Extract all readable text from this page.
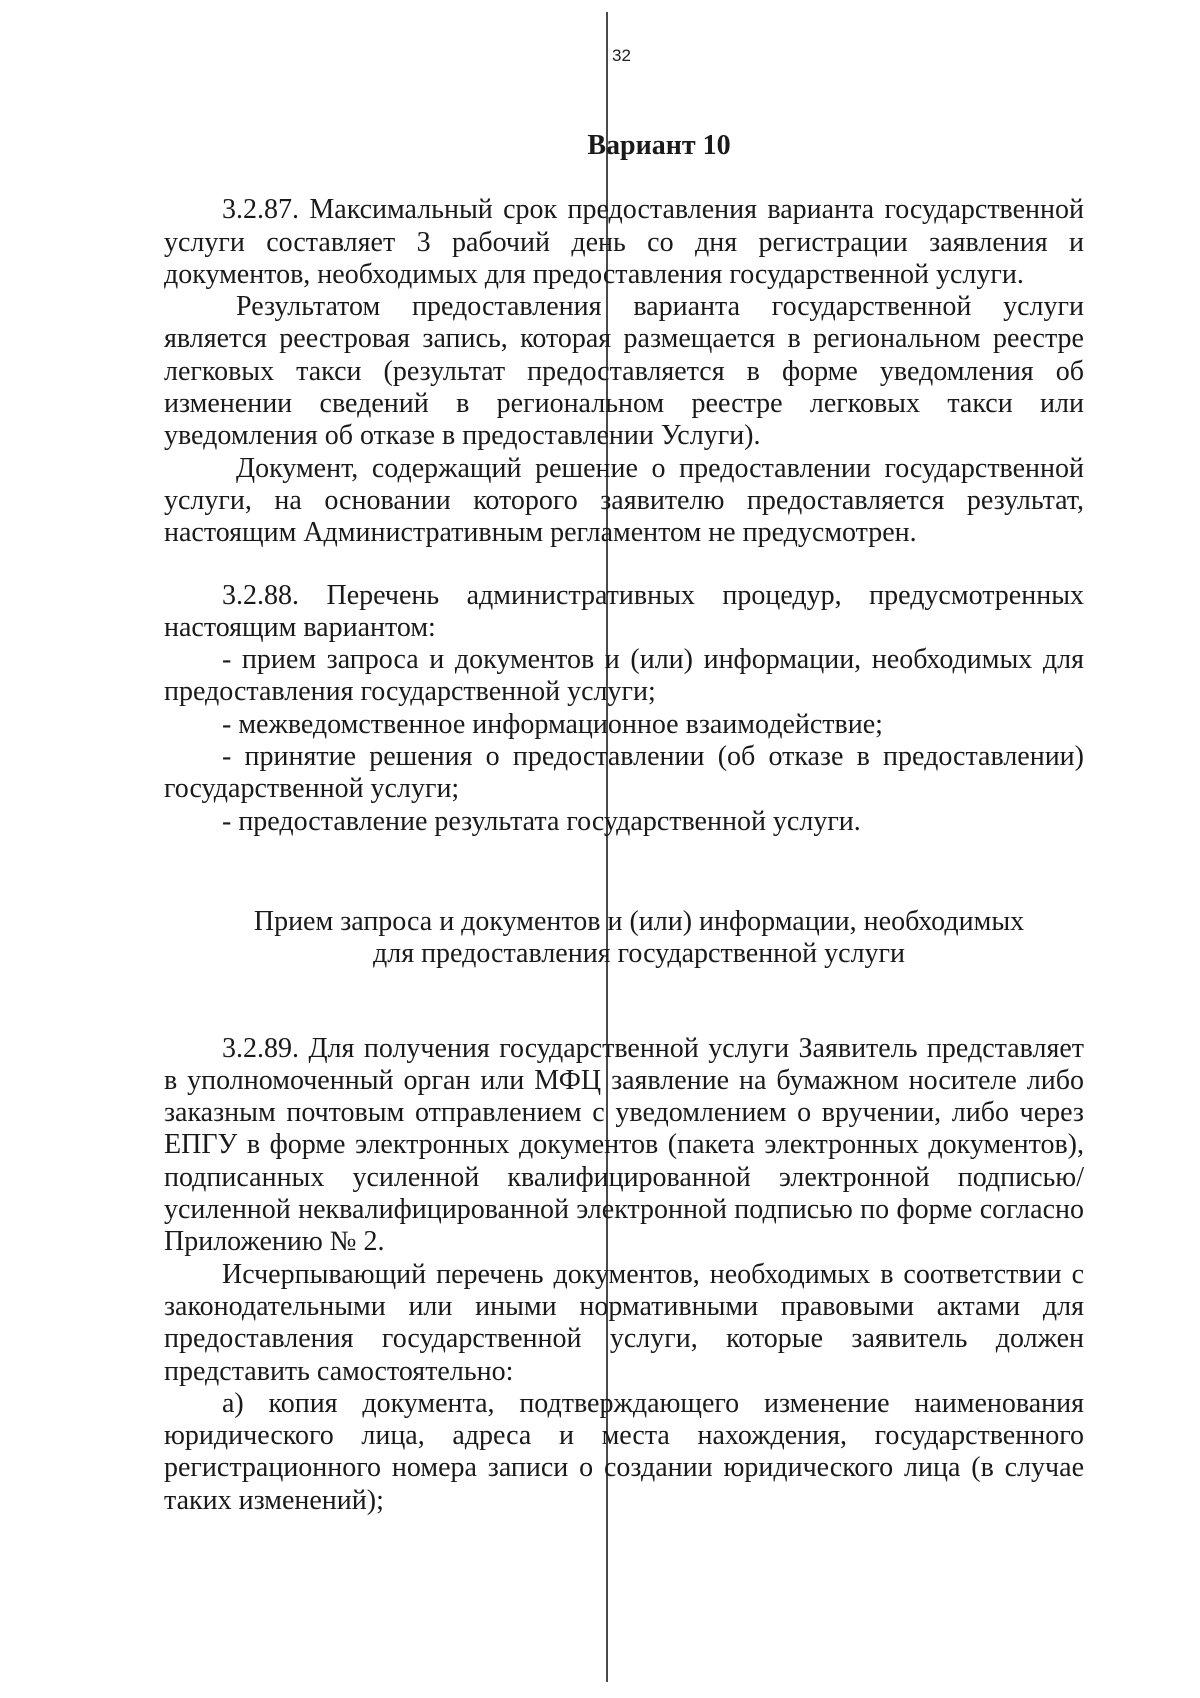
32
Вариант 10

3.2.87. Максимальный срок предоставления варианта государственной услуги составляет 3 рабочий день со дня регистрации заявления и документов, необходимых для предоставления государственной услуги.

Результатом предоставления варианта государственной услуги является реестровая запись, которая размещается в региональном реестре легковых такси (результат предоставляется в форме уведомления об изменении сведений в региональном реестре легковых такси или уведомления об отказе в предоставлении Услуги).

Документ, содержащий решение о предоставлении государственной услуги, на основании которого заявителю предоставляется результат, настоящим Административным регламентом не предусмотрен.

3.2.88. Перечень административных процедур, предусмотренных настоящим вариантом:

- прием запроса и документов и (или) информации, необходимых для предоставления государственной услуги;

- межведомственное информационное взаимодействие;

- принятие решения о предоставлении (об отказе в предоставлении) государственной услуги;

- предоставление результата государственной услуги.

Прием запроса и документов и (или) информации, необходимых

для предоставления государственной услуги

3.2.89. Для получения государственной услуги Заявитель представляет в уполномоченный орган или МФЦ заявление на бумажном носителе либо заказным почтовым отправлением с уведомлением о вручении, либо через ЕПГУ в форме электронных документов (пакета электронных документов), подписанных усиленной квалифицированной электронной подписью/усиленной неквалифицированной электронной подписью по форме согласно Приложению № 2.

Исчерпывающий перечень документов, необходимых в соответствии с законодательными или иными нормативными правовыми актами для предоставления государственной услуги, которые заявитель должен представить самостоятельно:

а) копия документа, подтверждающего изменение наименования юридического лица, адреса и места нахождения, государственного регистрационного номера записи о создании юридического лица (в случае таких изменений);
